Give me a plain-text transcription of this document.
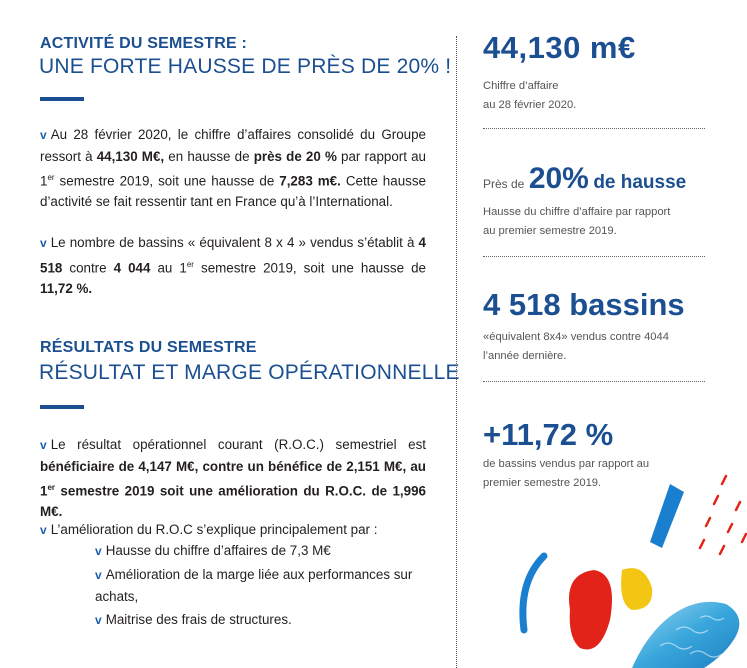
ACTIVITÉ DU SEMESTRE :
UNE FORTE HAUSSE DE PRÈS DE 20% !
v Au 28 février 2020, le chiffre d’affaires consolidé du Groupe ressort à 44,130 M€, en hausse de près de 20 % par rapport au 1er semestre 2019, soit une hausse de 7,283 m€. Cette hausse d’activité se fait ressentir tant en France qu’à l’International.
v Le nombre de bassins « équivalent 8 x 4 » vendus s’établit à 4 518 contre 4 044 au 1er semestre 2019, soit une hausse de 11,72 %.
RÉSULTATS DU SEMESTRE
RÉSULTAT ET MARGE OPÉRATIONNELLE
v Le résultat opérationnel courant (R.O.C.) semestriel est bénéficiaire de 4,147 M€, contre un bénéfice de 2,151 M€, au 1er semestre 2019 soit une amélioration du R.O.C. de 1,996 M€.
v L’amélioration du R.O.C s’explique principalement par :
v Hausse du chiffre d’affaires de 7,3 M€
v Amélioration de la marge liée aux performances sur achats,
v Maitrise des frais de structures.
44,130 m€
Chiffre d’affaire
au 28 février 2020.
Près de 20% de hausse
Hausse du chiffre d’affaire par rapport
au premier semestre 2019.
4 518 bassins
«équivalent 8x4» vendus contre 4044
l’année dernière.
+11,72 %
de bassins vendus par rapport au
premier semestre 2019.
